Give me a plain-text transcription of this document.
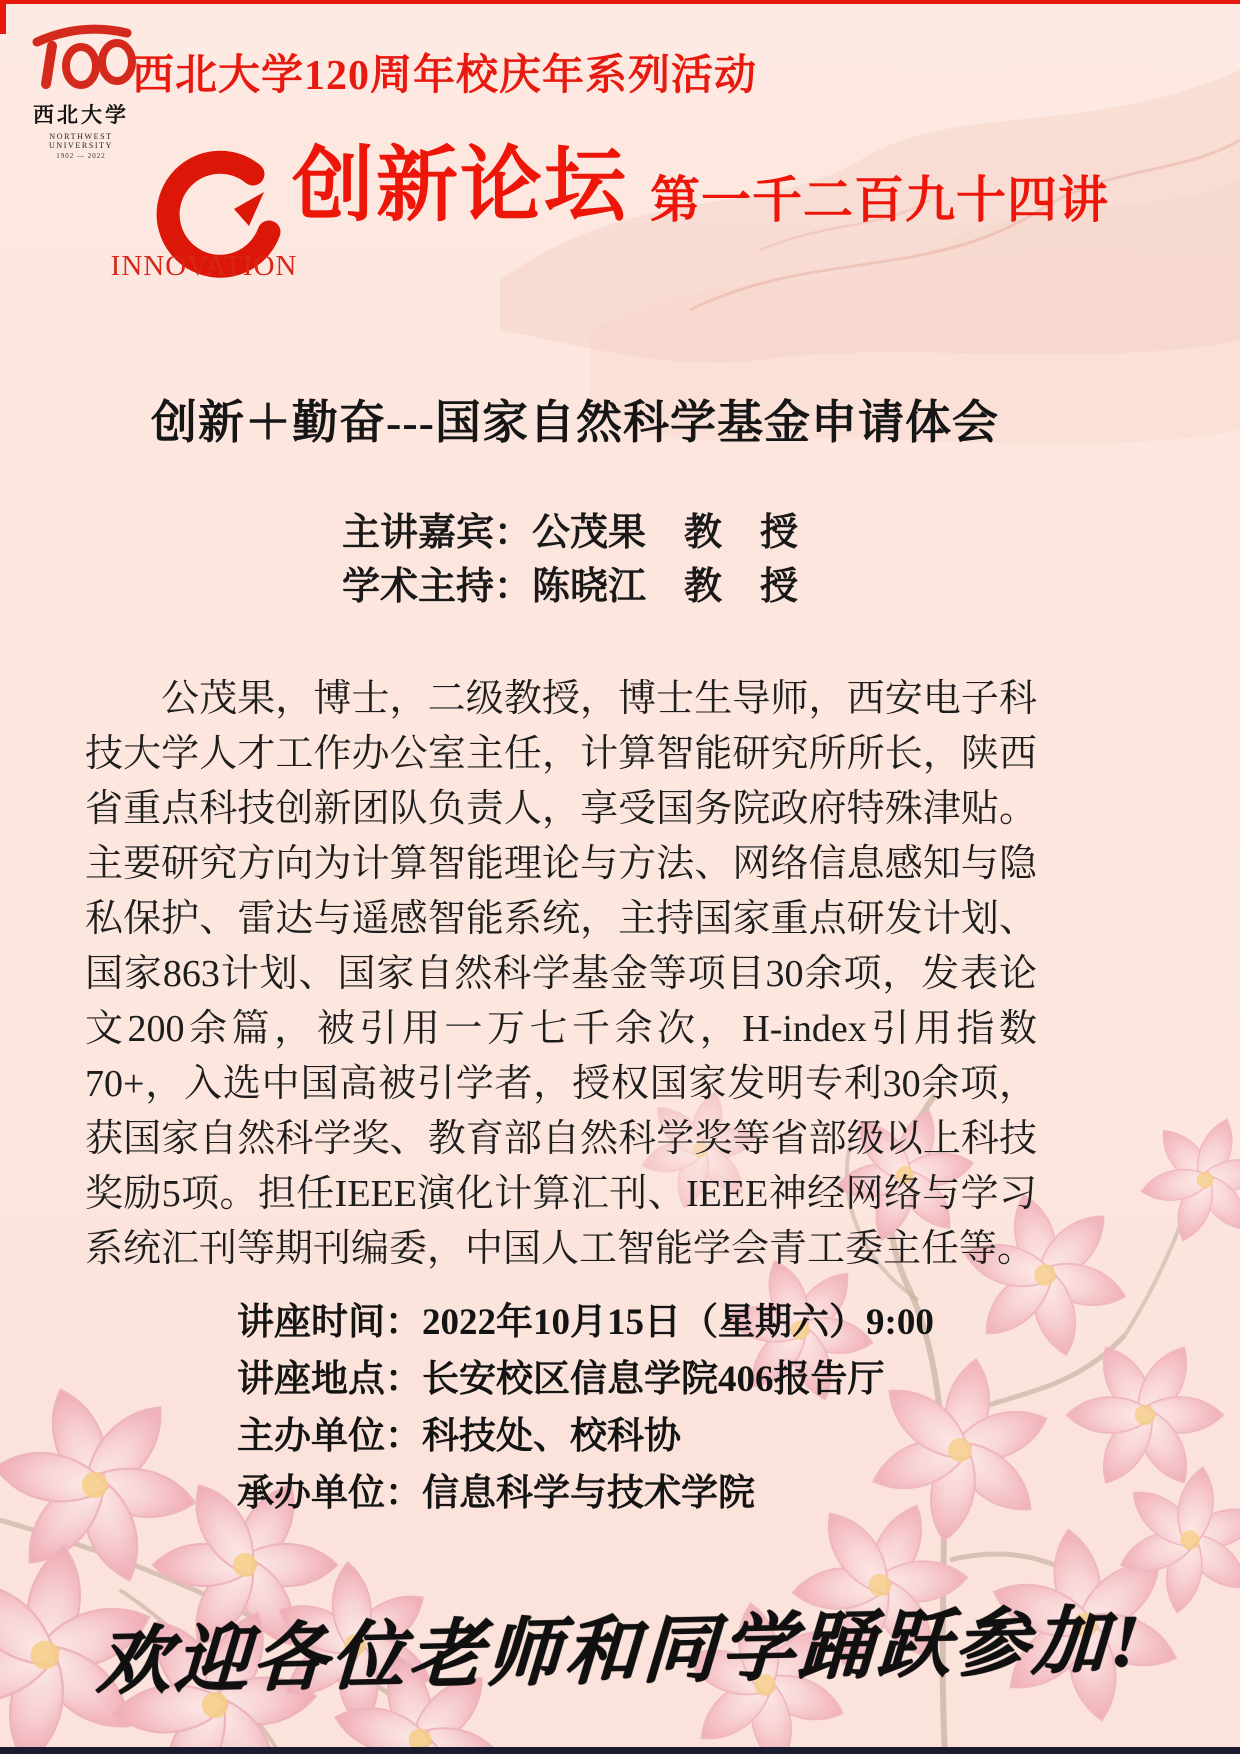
西北大学
NORTHWEST UNIVERSITY
1902 — 2022
西北大学120周年校庆年系列活动
INNOVATION
创新论坛 第一千二百九十四讲
创新＋勤奋---国家自然科学基金申请体会
主讲嘉宾：公茂果　教　授
学术主持：陈晓江　教　授
公茂果，博士，二级教授，博士生导师，西安电子科技大学人才工作办公室主任，计算智能研究所所长，陕西省重点科技创新团队负责人，享受国务院政府特殊津贴。主要研究方向为计算智能理论与方法、网络信息感知与隐私保护、雷达与遥感智能系统，主持国家重点研发计划、国家863计划、国家自然科学基金等项目30余项，发表论文200余篇，被引用一万七千余次，H-index引用指数70+，入选中国高被引学者，授权国家发明专利30余项，获国家自然科学奖、教育部自然科学奖等省部级以上科技奖励5项。担任IEEE演化计算汇刊、IEEE神经网络与学习系统汇刊等期刊编委，中国人工智能学会青工委主任等。
讲座时间：2022年10月15日（星期六）9:00
讲座地点：长安校区信息学院406报告厅
主办单位：科技处、校科协
承办单位：信息科学与技术学院
欢迎各位老师和同学踊跃参加!
